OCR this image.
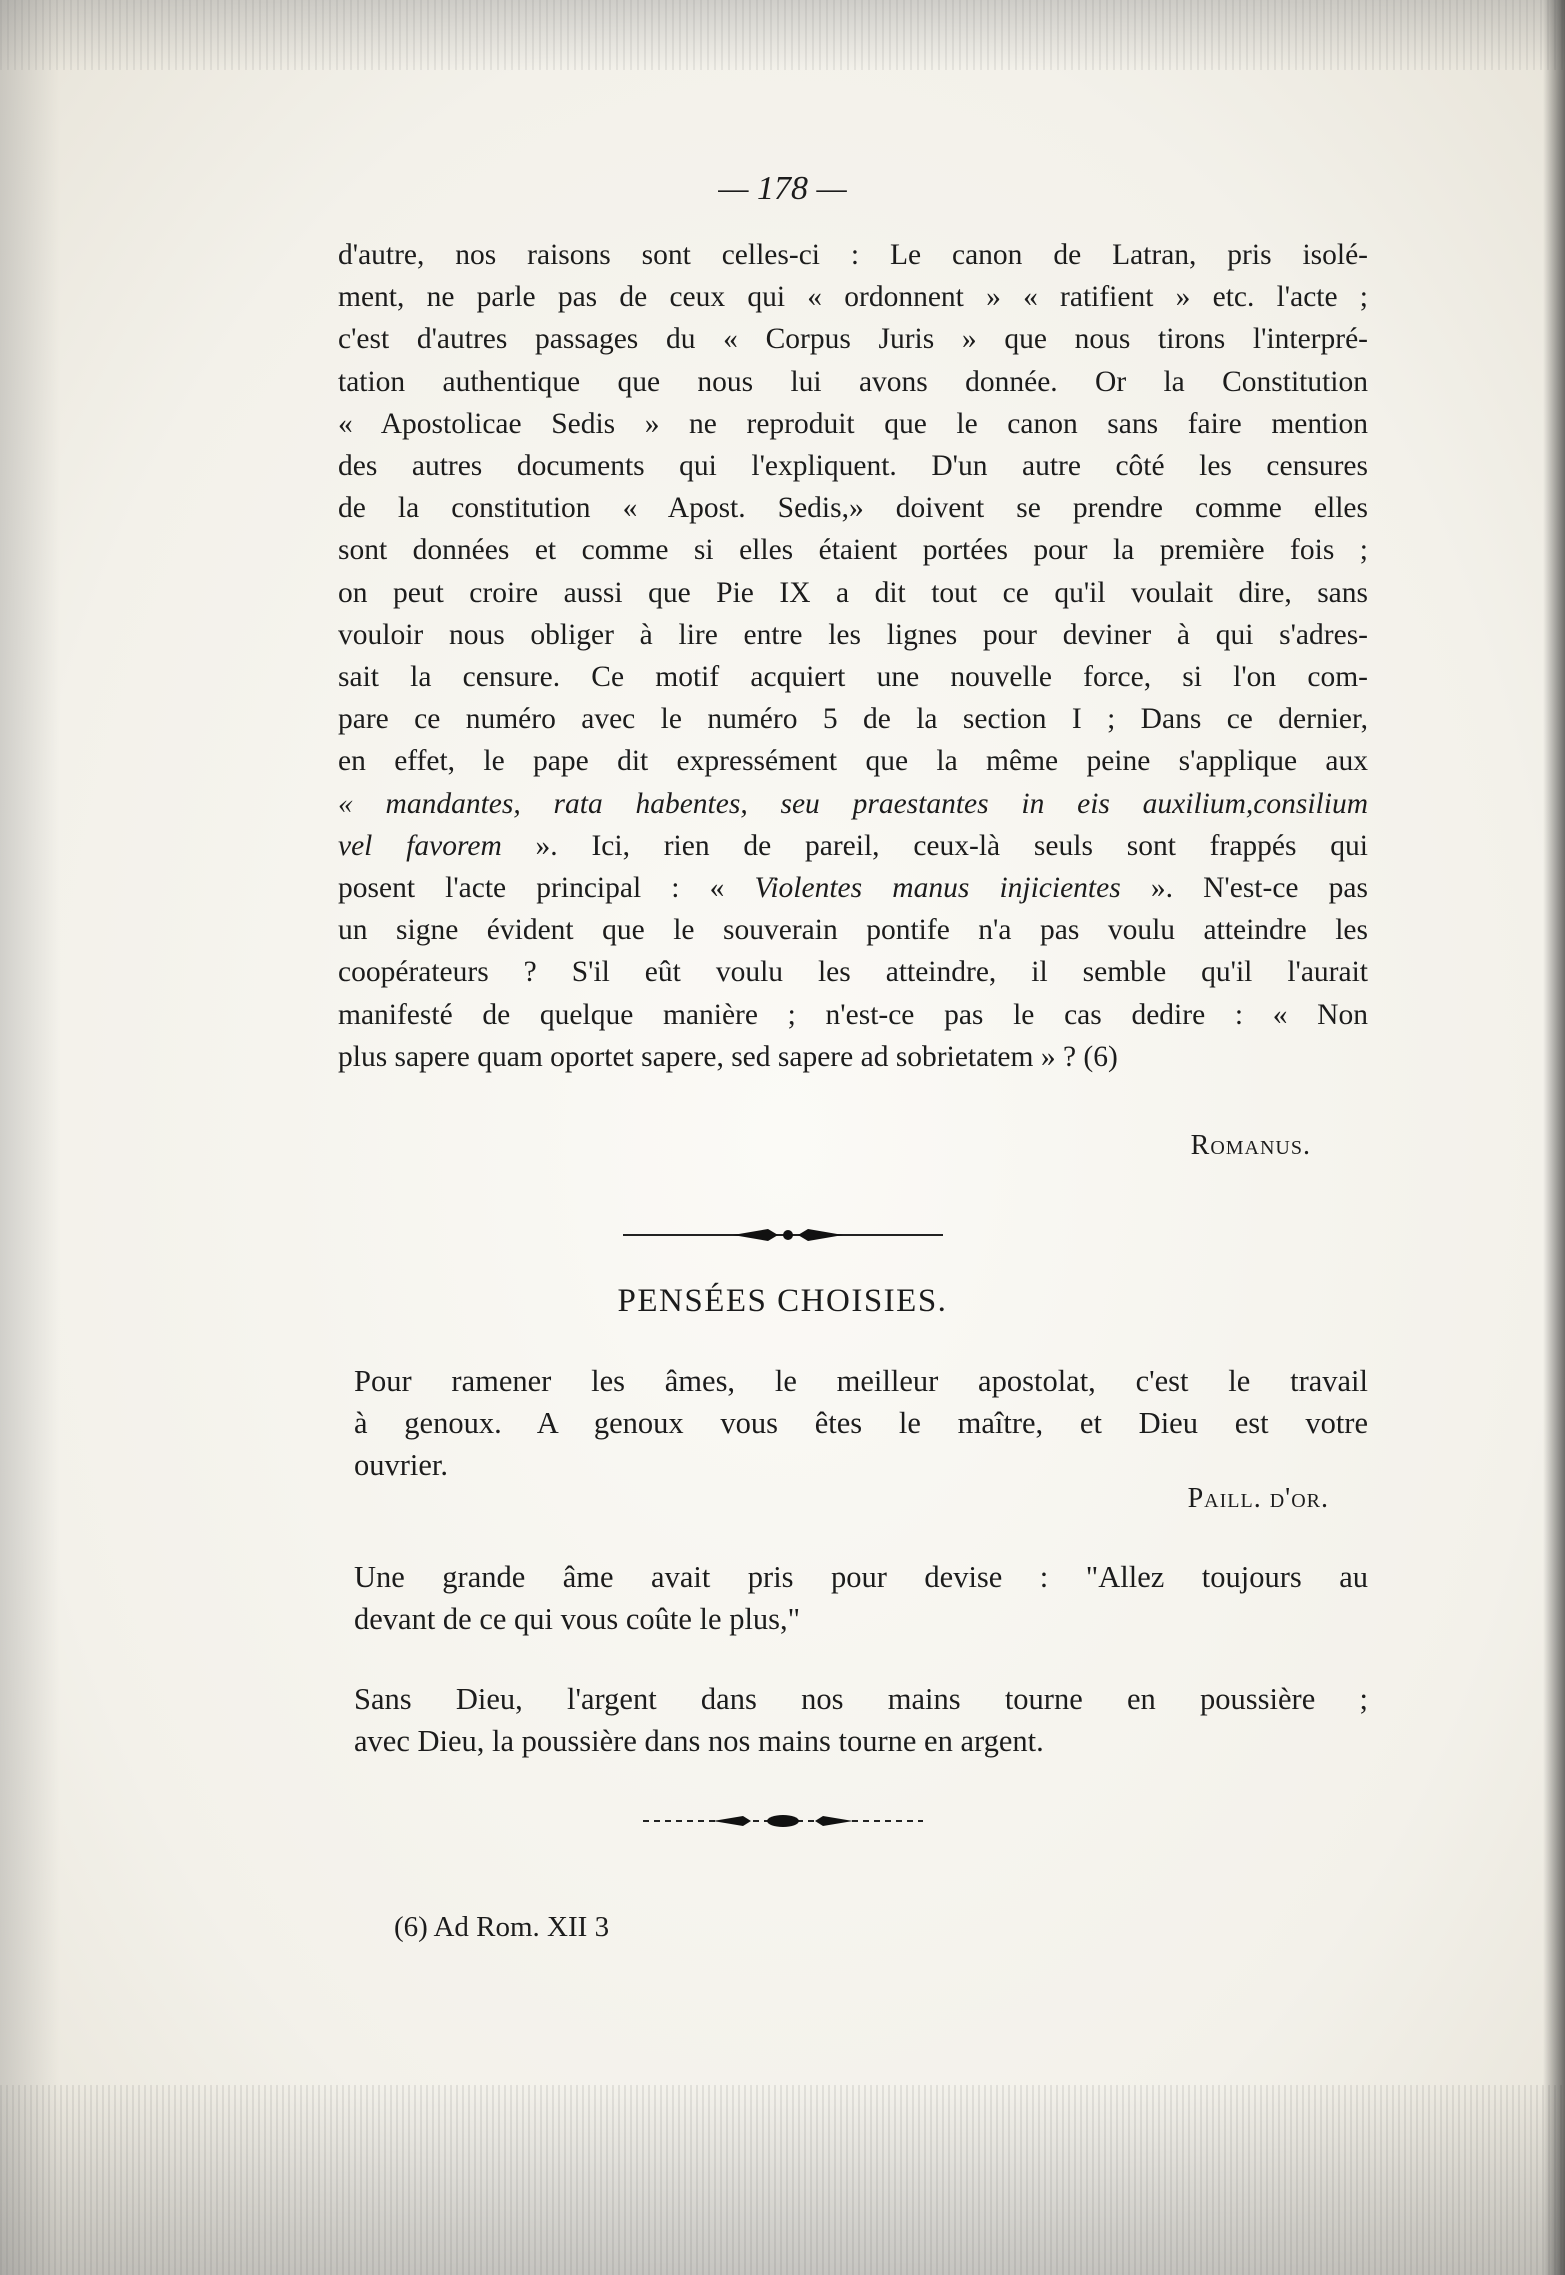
— 178 —
d'autre, nos raisons sont celles-ci : Le canon de Latran, pris isolé-
ment, ne parle pas de ceux qui « ordonnent » « ratifient » etc. l'acte ;
c'est d'autres passages du « Corpus Juris » que nous tirons l'interpré-
tation authentique que nous lui avons donnée. Or la Constitution
« Apostolicae Sedis » ne reproduit que le canon sans faire mention
des autres documents qui l'expliquent. D'un autre côté les censures
de la constitution « Apost. Sedis,» doivent se prendre comme elles
sont données et comme si elles étaient portées pour la première fois ;
on peut croire aussi que Pie IX a dit tout ce qu'il voulait dire, sans
vouloir nous obliger à lire entre les lignes pour deviner à qui s'adres-
sait la censure. Ce motif acquiert une nouvelle force, si l'on com-
pare ce numéro avec le numéro 5 de la section I ; Dans ce dernier,
en effet, le pape dit expressément que la même peine s'applique aux
« mandantes, rata habentes, seu praestantes in eis auxilium,consilium
vel favorem ». Ici, rien de pareil, ceux-là seuls sont frappés qui
posent l'acte principal : « Violentes manus injicientes ». N'est-ce pas
un signe évident que le souverain pontife n'a pas voulu atteindre les
coopérateurs ? S'il eût voulu les atteindre, il semble qu'il l'aurait
manifesté de quelque manière ; n'est-ce pas le cas dedire : « Non
plus sapere quam oportet sapere, sed sapere ad sobrietatem » ? (6)
Romanus.
PENSÉES CHOISIES.
Pour ramener les âmes, le meilleur apostolat, c'est le travail
à genoux. A genoux vous êtes le maître, et Dieu est votre
ouvrier.
Paill. d'or.
Une grande âme avait pris pour devise : "Allez toujours au
devant de ce qui vous coûte le plus,"
Sans Dieu, l'argent dans nos mains tourne en poussière ;
avec Dieu, la poussière dans nos mains tourne en argent.
(6) Ad Rom. XII 3
